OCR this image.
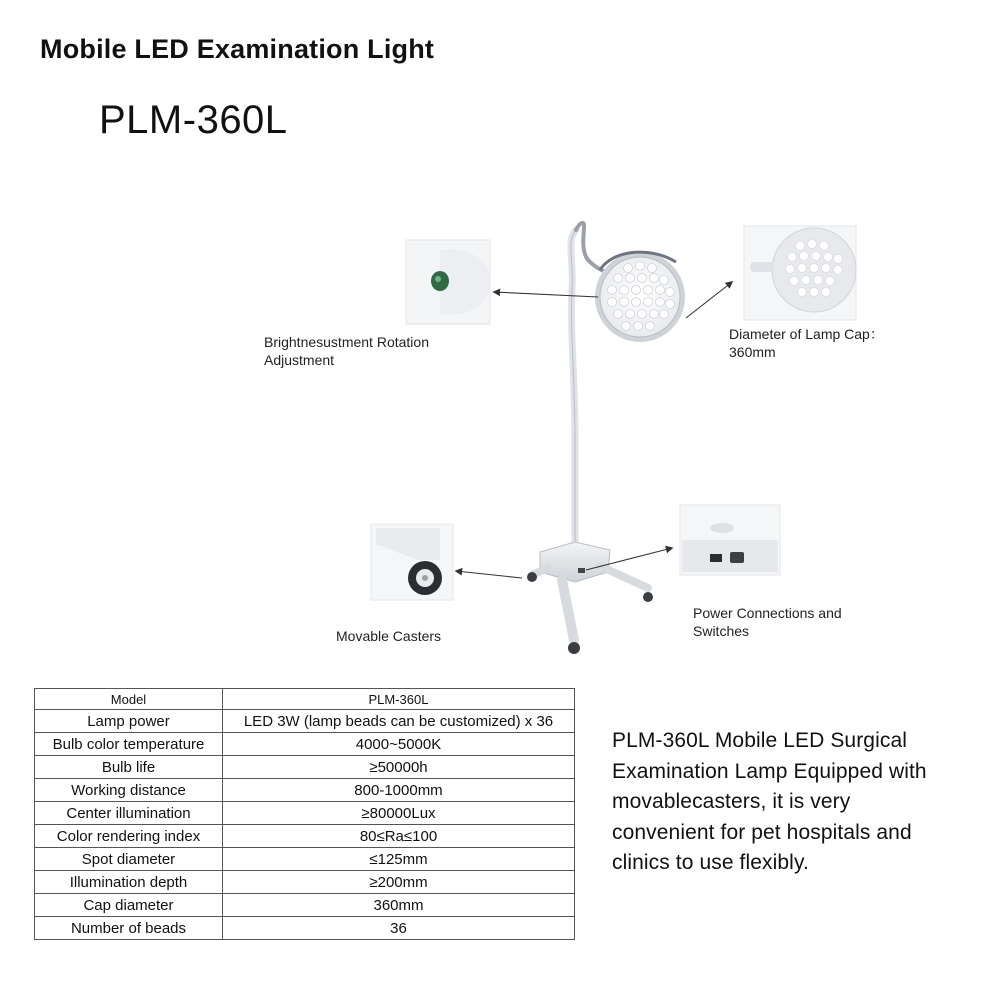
Mobile LED Examination Light
PLM-360L
Brightnesustment Rotation
Adjustment
Diameter of Lamp Cap：
360mm
Movable Casters
Power Connections and
Switches
Model	PLM-360L
Lamp power	LED 3W (lamp beads can be customized) x 36
Bulb color temperature	4000~5000K
Bulb life	≥50000h
Working distance	800-1000mm
Center illumination	≥80000Lux
Color rendering index	80≤Ra≤100
Spot diameter	≤125mm
Illumination depth	≥200mm
Cap diameter	360mm
Number of beads	36
PLM-360L Mobile LED Surgical Examination Lamp Equipped with movablecasters, it is very convenient for pet hospitals and clinics to use flexibly.
